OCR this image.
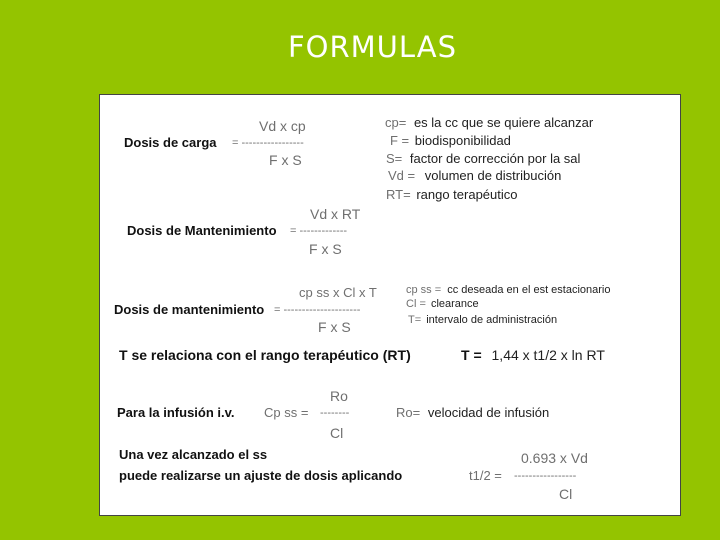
FORMULAS
Vd x cp
Dosis de carga = -----------------
F x S
cp= es la cc que se quiere alcanzar
F = biodisponibilidad
S= factor de corrección por la sal
Vd = volumen de distribución
RT= rango terapéutico
Vd x RT
Dosis de Mantenimiento = -------------
F x S
cp ss x Cl x T
Dosis de mantenimiento = ---------------------
F x S
cp ss = cc deseada en el est estacionario
Cl = clearance
T= intervalo de administración
T se relaciona con el rango terapéutico (RT)	T = 1,44 x t1/2 x ln RT
Ro
Para la infusión i.v. Cp ss = --------
Cl
Ro= velocidad de infusión
Una vez alcanzado el ss	0.693 x Vd
puede realizarse un ajuste de dosis aplicando	t1/2 = -----------------
Cl
